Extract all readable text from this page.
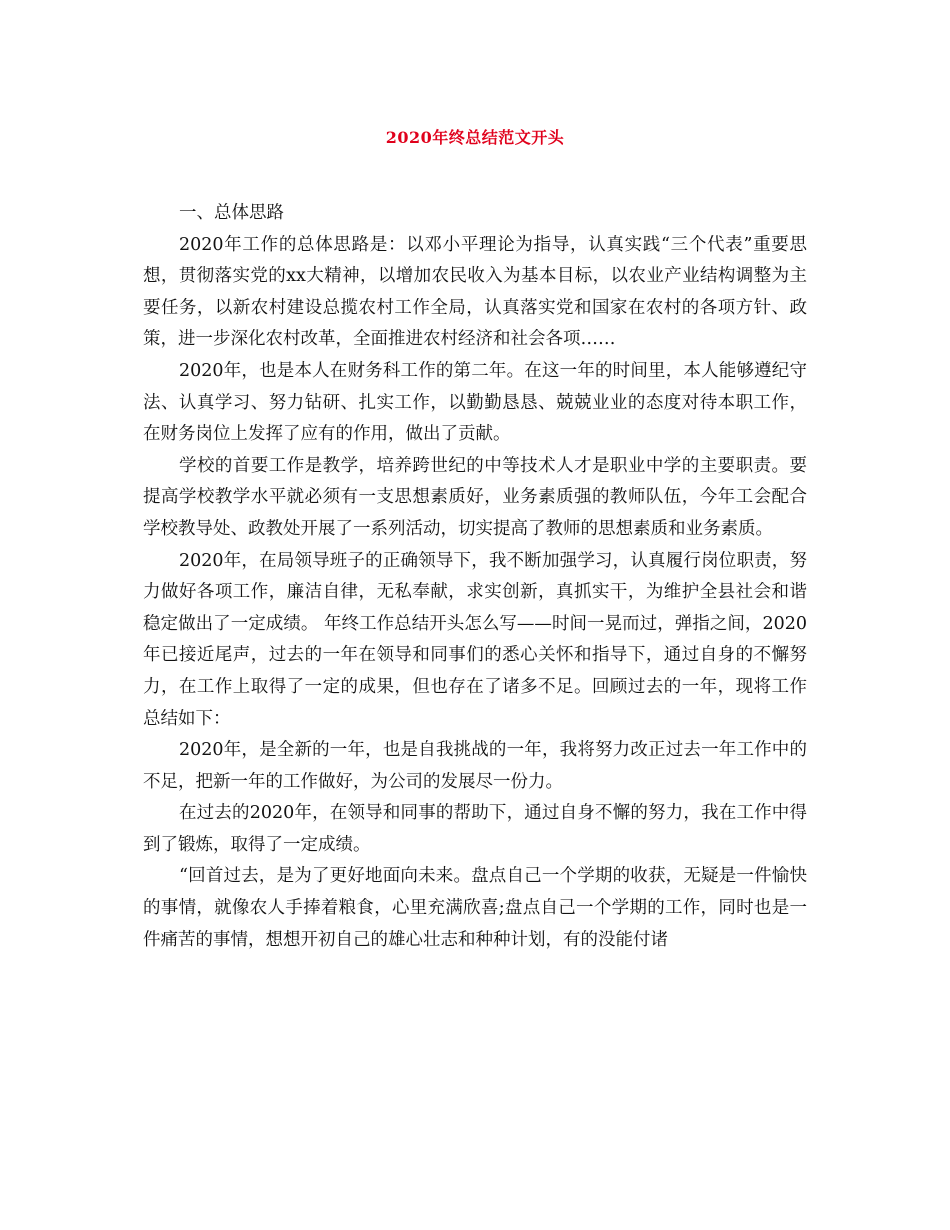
2020年终总结范文开头

一、总体思路

2020年工作的总体思路是：以邓小平理论为指导，认真实践“三个代表”重要思想，贯彻落实党的xx大精神，以增加农民收入为基本目标，以农业产业结构调整为主要任务，以新农村建设总揽农村工作全局，认真落实党和国家在农村的各项方针、政策，进一步深化农村改革，全面推进农村经济和社会各项……

2020年，也是本人在财务科工作的第二年。在这一年的时间里，本人能够遵纪守法、认真学习、努力钻研、扎实工作，以勤勤恳恳、兢兢业业的态度对待本职工作，在财务岗位上发挥了应有的作用，做出了贡献。

学校的首要工作是教学，培养跨世纪的中等技术人才是职业中学的主要职责。要提高学校教学水平就必须有一支思想素质好，业务素质强的教师队伍，今年工会配合学校教导处、政教处开展了一系列活动，切实提高了教师的思想素质和业务素质。

2020年，在局领导班子的正确领导下，我不断加强学习，认真履行岗位职责，努力做好各项工作，廉洁自律，无私奉献，求实创新，真抓实干，为维护全县社会和谐稳定做出了一定成绩。 年终工作总结开头怎么写——时间一晃而过，弹指之间，2020年已接近尾声，过去的一年在领导和同事们的悉心关怀和指导下，通过自身的不懈努力，在工作上取得了一定的成果，但也存在了诸多不足。回顾过去的一年，现将工作总结如下：

2020年，是全新的一年，也是自我挑战的一年，我将努力改正过去一年工作中的不足，把新一年的工作做好，为公司的发展尽一份力。

在过去的2020年，在领导和同事的帮助下，通过自身不懈的努力，我在工作中得到了锻炼，取得了一定成绩。

“回首过去，是为了更好地面向未来。盘点自己一个学期的收获，无疑是一件愉快的事情，就像农人手捧着粮食，心里充满欣喜;盘点自己一个学期的工作，同时也是一件痛苦的事情，想想开初自己的雄心壮志和种种计划，有的没能付诸
